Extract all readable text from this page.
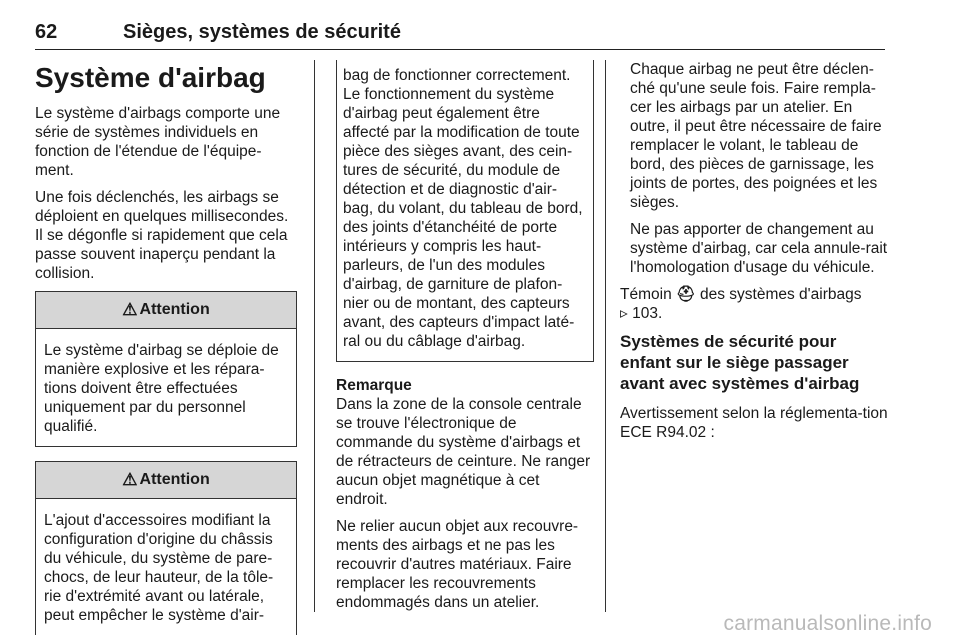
62	Sièges, systèmes de sécurité
Système d'airbag

Le système d'airbags comporte une série de systèmes individuels en fonction de l'étendue de l'équipe-ment.

Une fois déclenchés, les airbags se déploient en quelques millisecondes. Il se dégonfle si rapidement que cela passe souvent inaperçu pendant la collision.

⚠ Attention

Le système d'airbag se déploie de manière explosive et les répara-tions doivent être effectuées uniquement par du personnel qualifié.

⚠ Attention

L'ajout d'accessoires modifiant la configuration d'origine du châssis du véhicule, du système de pare-chocs, de leur hauteur, de la tôle-rie d'extrémité avant ou latérale, peut empêcher le système d'air-

bag de fonctionner correctement. Le fonctionnement du système d'airbag peut également être affecté par la modification de toute pièce des sièges avant, des cein-tures de sécurité, du module de détection et de diagnostic d'air-bag, du volant, du tableau de bord, des joints d'étanchéité de porte intérieurs y compris les haut-parleurs, de l'un des modules d'airbag, de garniture de plafon-nier ou de montant, des capteurs avant, des capteurs d'impact laté-ral ou du câblage d'airbag.

Remarque

Dans la zone de la console centrale se trouve l'électronique de commande du système d'airbags et de rétracteurs de ceinture. Ne ranger aucun objet magnétique à cet endroit.

Ne relier aucun objet aux recouvre-ments des airbags et ne pas les recouvrir d'autres matériaux. Faire remplacer les recouvrements endommagés dans un atelier.

Chaque airbag ne peut être déclen-ché qu'une seule fois. Faire rempla-cer les airbags par un atelier. En outre, il peut être nécessaire de faire remplacer le volant, le tableau de bord, des pièces de garnissage, les joints de portes, des poignées et les sièges.

Ne pas apporter de changement au système d'airbag, car cela annule-rait l'homologation d'usage du véhicule.

Témoin ⛑ des systèmes d'airbags
▹ 103.

Systèmes de sécurité pour enfant sur le siège passager avant avec systèmes d'airbag

Avertissement selon la réglementa-tion ECE R94.02 :

carmanualsonline.info
